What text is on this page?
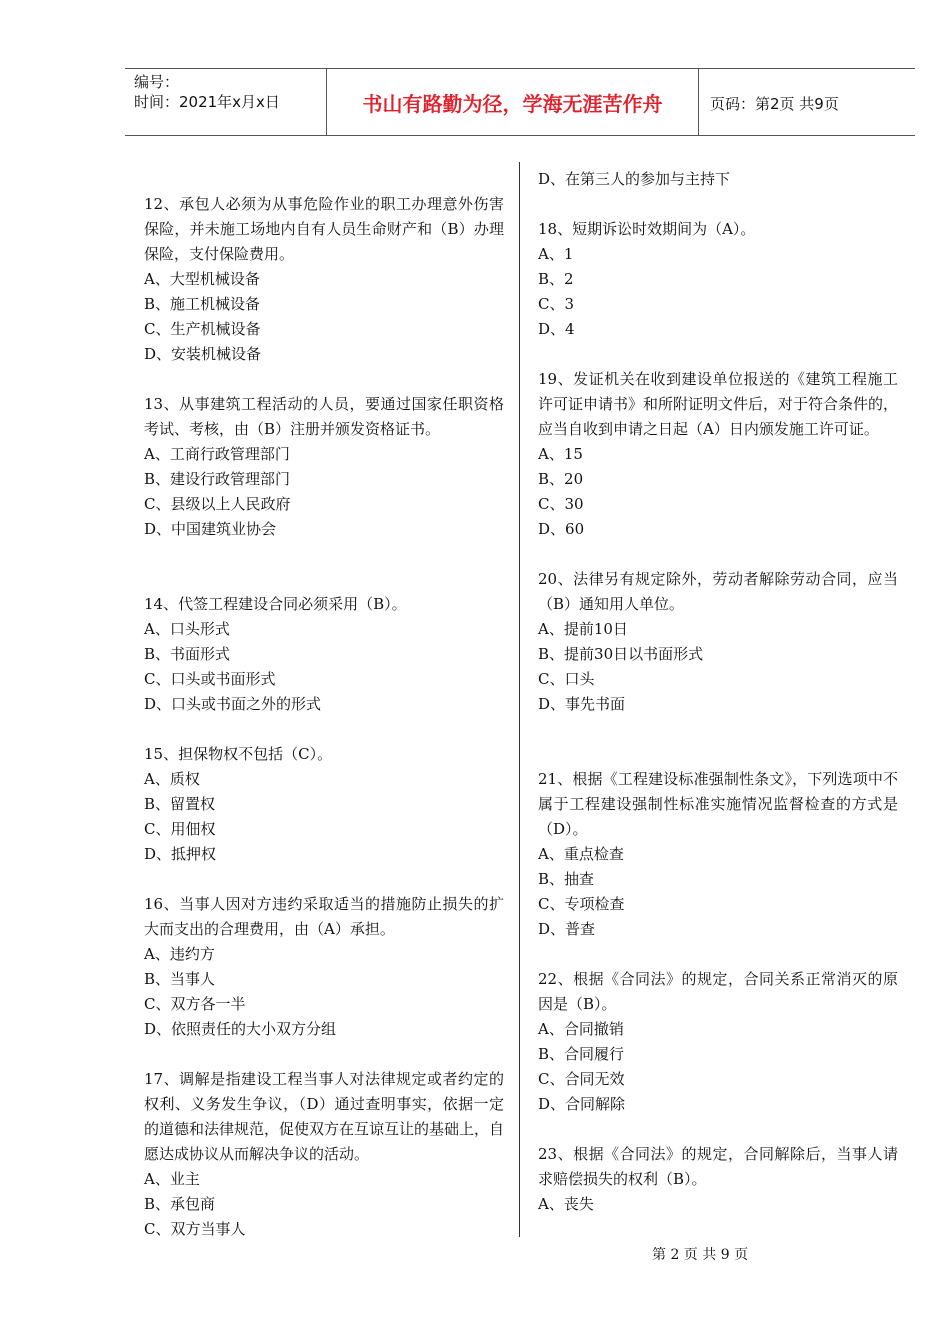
编号：
时间：2021年x月x日	书山有路勤为径，学海无涯苦作舟	页码：第2页 共9页
12、承包人必须为从事危险作业的职工办理意外伤害保险，并未施工场地内自有人员生命财产和（B）办理保险，支付保险费用。
A、大型机械设备
B、施工机械设备
C、生产机械设备
D、安装机械设备
13、从事建筑工程活动的人员，要通过国家任职资格考试、考核，由（B）注册并颁发资格证书。
A、工商行政管理部门
B、建设行政管理部门
C、县级以上人民政府
D、中国建筑业协会
14、代签工程建设合同必须采用（B）。
A、口头形式
B、书面形式
C、口头或书面形式
D、口头或书面之外的形式
15、担保物权不包括（C）。
A、质权
B、留置权
C、用佃权
D、抵押权
16、当事人因对方违约采取适当的措施防止损失的扩大而支出的合理费用，由（A）承担。
A、违约方
B、当事人
C、双方各一半
D、依照责任的大小双方分组
17、调解是指建设工程当事人对法律规定或者约定的权利、义务发生争议，（D）通过查明事实，依据一定的道德和法律规范，促使双方在互谅互让的基础上，自愿达成协议从而解决争议的活动。
A、业主
B、承包商
C、双方当事人
D、在第三人的参加与主持下
18、短期诉讼时效期间为（A）。
A、1
B、2
C、3
D、4
19、发证机关在收到建设单位报送的《建筑工程施工许可证申请书》和所附证明文件后，对于符合条件的，应当自收到申请之日起（A）日内颁发施工许可证。
A、15
B、20
C、30
D、60
20、法律另有规定除外，劳动者解除劳动合同，应当（B）通知用人单位。
A、提前10日
B、提前30日以书面形式
C、口头
D、事先书面
21、根据《工程建设标准强制性条文》，下列选项中不属于工程建设强制性标准实施情况监督检查的方式是（D）。
A、重点检查
B、抽查
C、专项检查
D、普查
22、根据《合同法》的规定，合同关系正常消灭的原因是（B）。
A、合同撤销
B、合同履行
C、合同无效
D、合同解除
23、根据《合同法》的规定，合同解除后，当事人请求赔偿损失的权利（B）。
A、丧失
第 2 页 共 9 页
